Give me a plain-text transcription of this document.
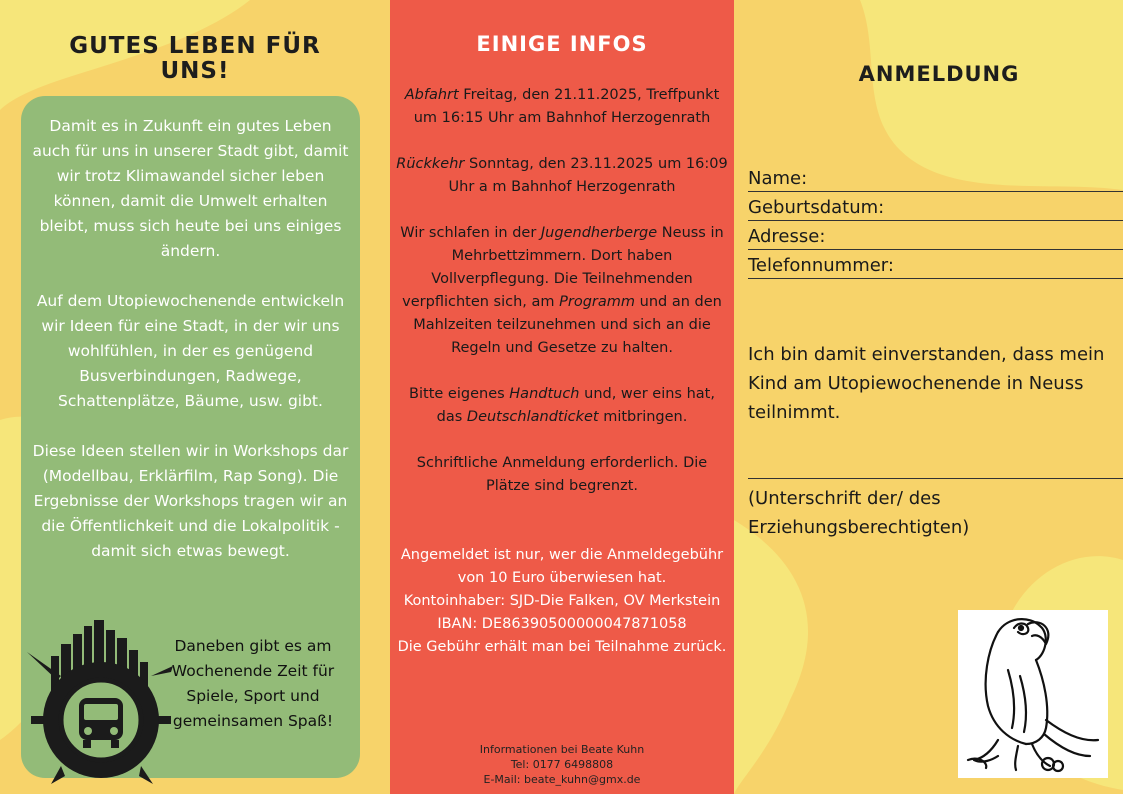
GUTES LEBEN FÜR UNS!

Damit es in Zukunft ein gutes Leben auch für uns in unserer Stadt gibt, damit wir trotz Klimawandel sicher leben können, damit die Umwelt erhalten bleibt, muss sich heute bei uns einiges ändern.

Auf dem Utopiewochenende entwickeln wir Ideen für eine Stadt, in der wir uns wohlfühlen, in der es genügend Busverbindungen, Radwege, Schattenplätze, Bäume, usw. gibt.

Diese Ideen stellen wir in Workshops dar (Modellbau, Erklärfilm, Rap Song). Die Ergebnisse der Workshops tragen wir an die Öffentlichkeit und die Lokalpolitik - damit sich etwas bewegt.

Daneben gibt es am Wochenende Zeit für Spiele, Sport und gemeinsamen Spaß!
EINIGE INFOS

Abfahrt Freitag, den 21.11.2025, Treffpunkt um 16:15 Uhr am Bahnhof Herzogenrath

Rückkehr Sonntag, den 23.11.2025 um 16:09 Uhr a m Bahnhof Herzogenrath

Wir schlafen in der Jugendherberge Neuss in Mehrbettzimmern. Dort haben Vollverpflegung. Die Teilnehmenden verpflichten sich, am Programm und an den Mahlzeiten teilzunehmen und sich an die Regeln und Gesetze zu halten.

Bitte eigenes Handtuch und, wer eins hat, das Deutschlandticket mitbringen.

Schriftliche Anmeldung erforderlich. Die Plätze sind begrenzt.

Angemeldet ist nur, wer die Anmeldegebühr von 10 Euro überwiesen hat.

Kontoinhaber: SJD-Die Falken, OV Merkstein

IBAN: DE86390500000047871058

Die Gebühr erhält man bei Teilnahme zurück.

Informationen bei Beate Kuhn
Tel: 0177 6498808
E-Mail: beate_kuhn@gmx.de
ANMELDUNG
Name:
Geburtsdatum:
Adresse:
Telefonnummer:
Ich bin damit einverstanden, dass mein Kind am Utopiewochenende in Neuss teilnimmt.
(Unterschrift der/ des Erziehungsberechtigten)
